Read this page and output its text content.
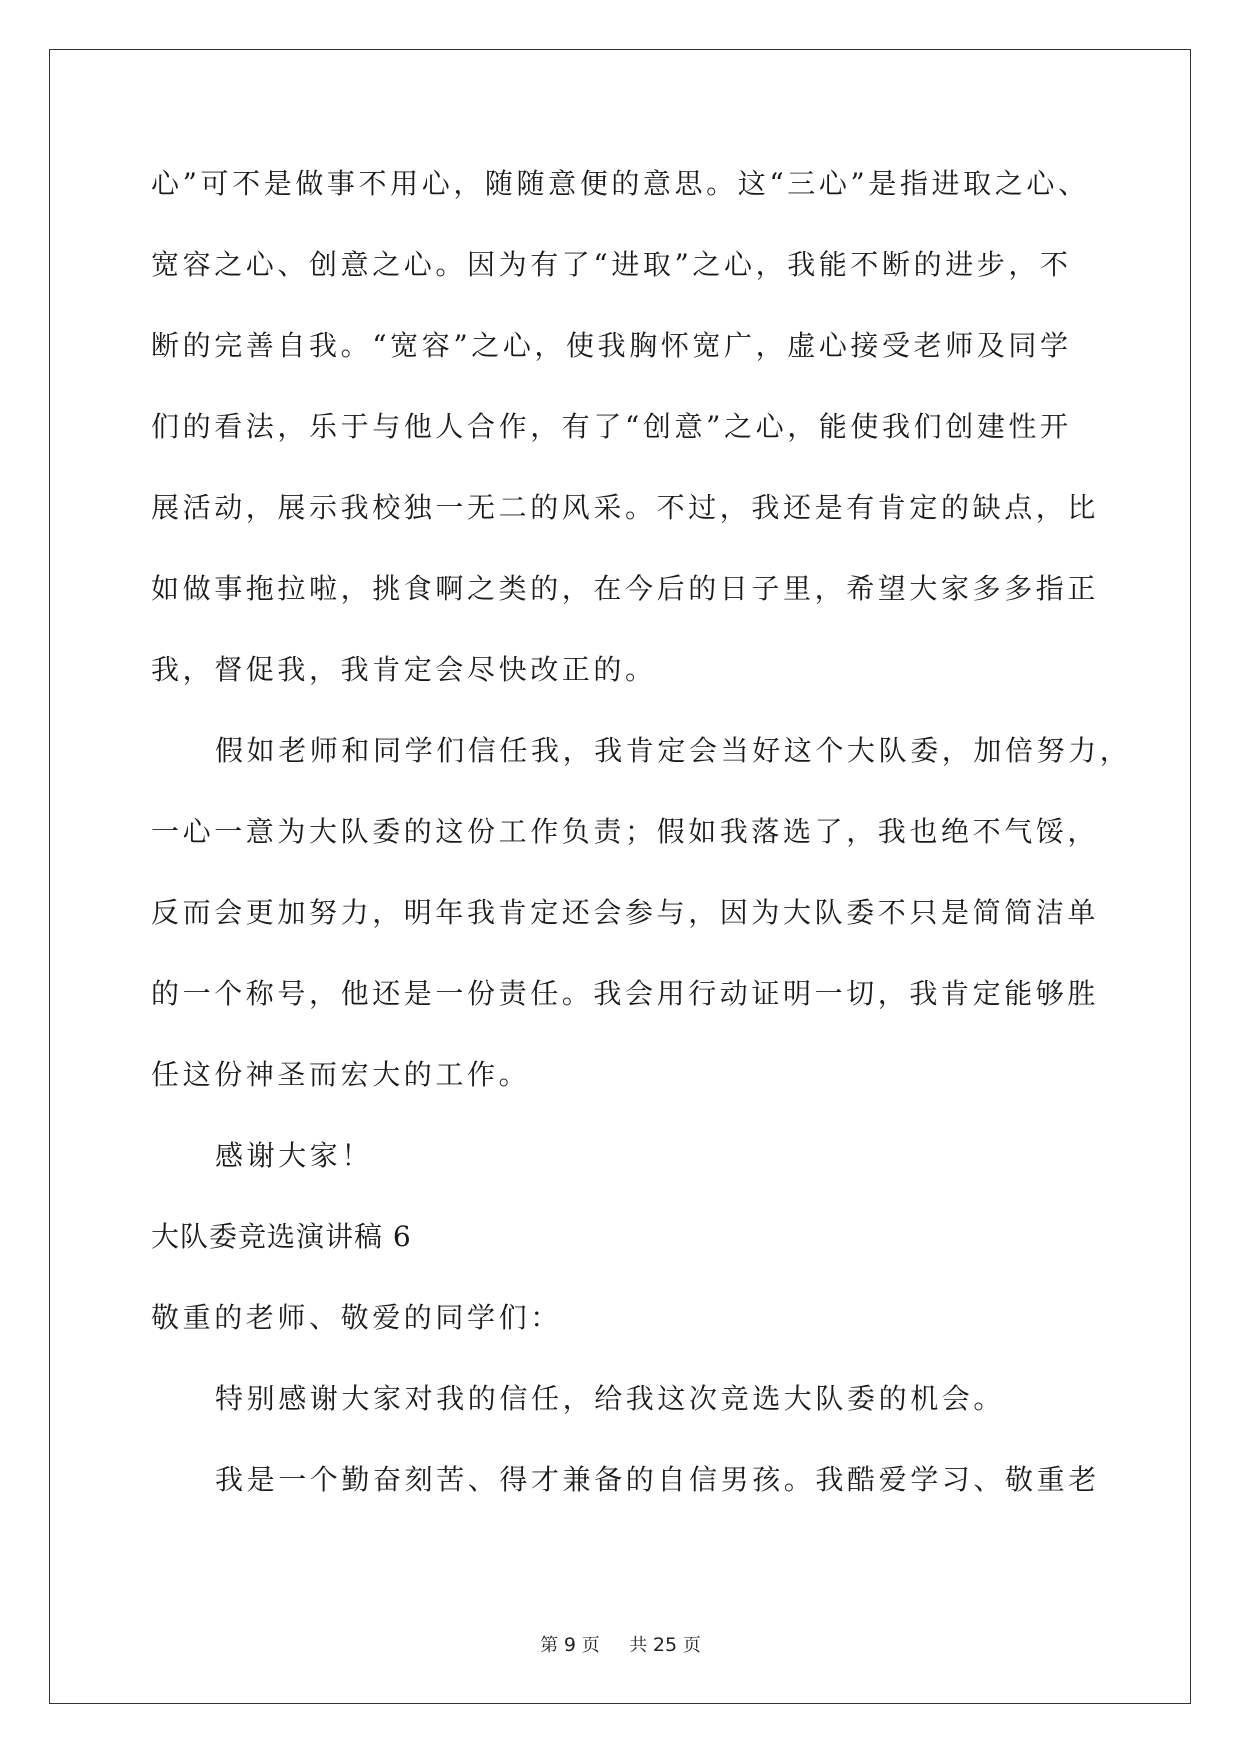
心”可不是做事不用心，随随意便的意思。这“三心”是指进取之心、
宽容之心、创意之心。因为有了“进取”之心，我能不断的进步，不
断的完善自我。“宽容”之心，使我胸怀宽广，虚心接受老师及同学
们的看法，乐于与他人合作，有了“创意”之心，能使我们创建性开
展活动，展示我校独一无二的风采。不过，我还是有肯定的缺点，比
如做事拖拉啦，挑食啊之类的，在今后的日子里，希望大家多多指正
我，督促我，我肯定会尽快改正的。
假如老师和同学们信任我，我肯定会当好这个大队委，加倍努力，
一心一意为大队委的这份工作负责；假如我落选了，我也绝不气馁，
反而会更加努力，明年我肯定还会参与，因为大队委不只是简简洁单
的一个称号，他还是一份责任。我会用行动证明一切，我肯定能够胜
任这份神圣而宏大的工作。
感谢大家！
大队委竞选演讲稿 6
敬重的老师、敬爱的同学们：
特别感谢大家对我的信任，给我这次竞选大队委的机会。
我是一个勤奋刻苦、得才兼备的自信男孩。我酷爱学习、敬重老
第 9 页 共 25 页
